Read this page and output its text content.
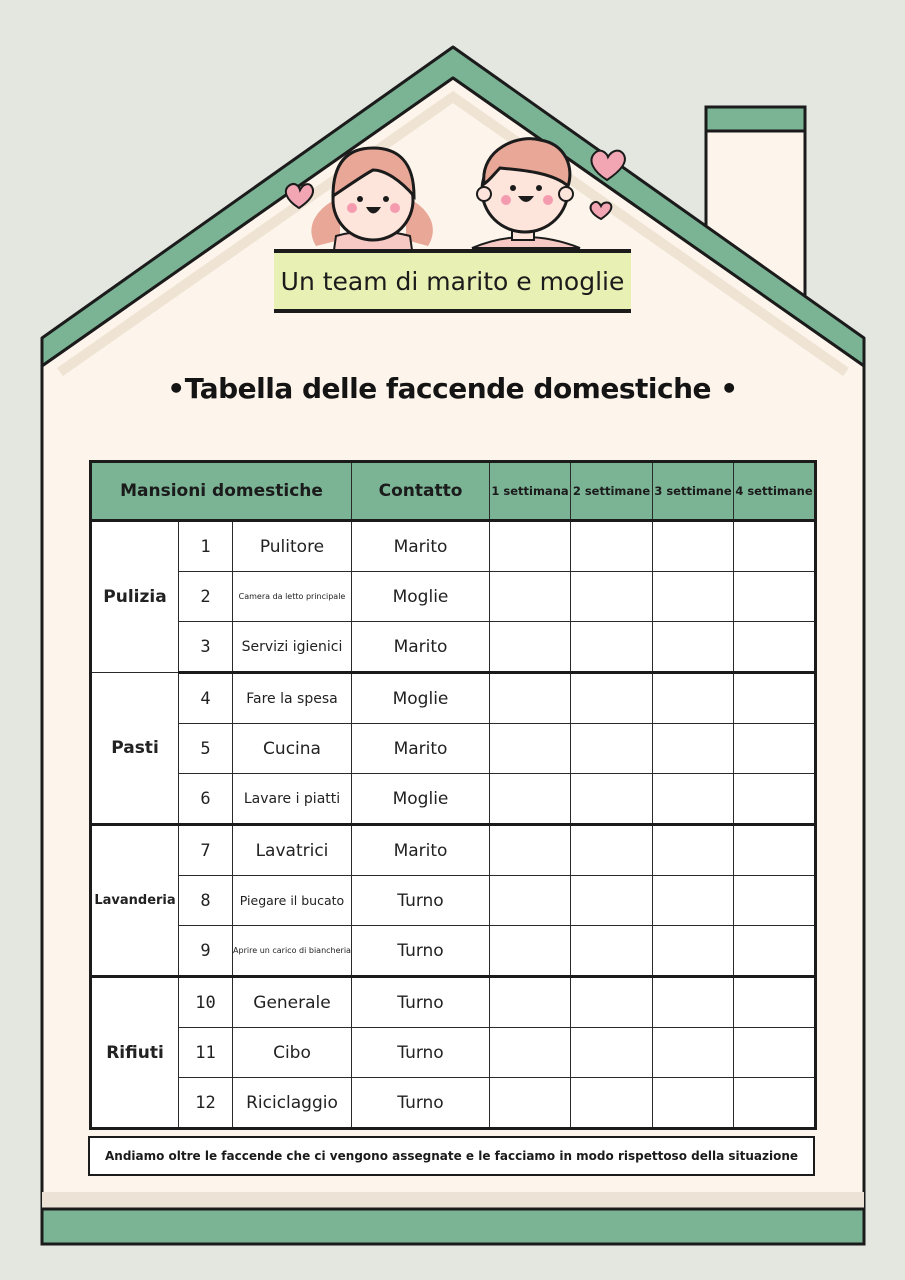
Un team di marito e moglie
•Tabella delle faccende domestiche •
Mansioni domestiche			Contatto	1 settimana	2 settimane	3 settimane	4 settimane
Pulizia	1	Pulitore	Marito				
	2	Camera da letto principale	Moglie				
	3	Servizi igienici	Marito				
Pasti	4	Fare la spesa	Moglie				
	5	Cucina	Marito				
	6	Lavare i piatti	Moglie				
Lavanderia	7	Lavatrici	Marito				
	8	Piegare il bucato	Turno				
	9	Aprire un carico di biancheria	Turno				
Rifiuti	10	Generale	Turno				
	11	Cibo	Turno				
	12	Riciclaggio	Turno				
Andiamo oltre le faccende che ci vengono assegnate e le facciamo in modo rispettoso della situazione
